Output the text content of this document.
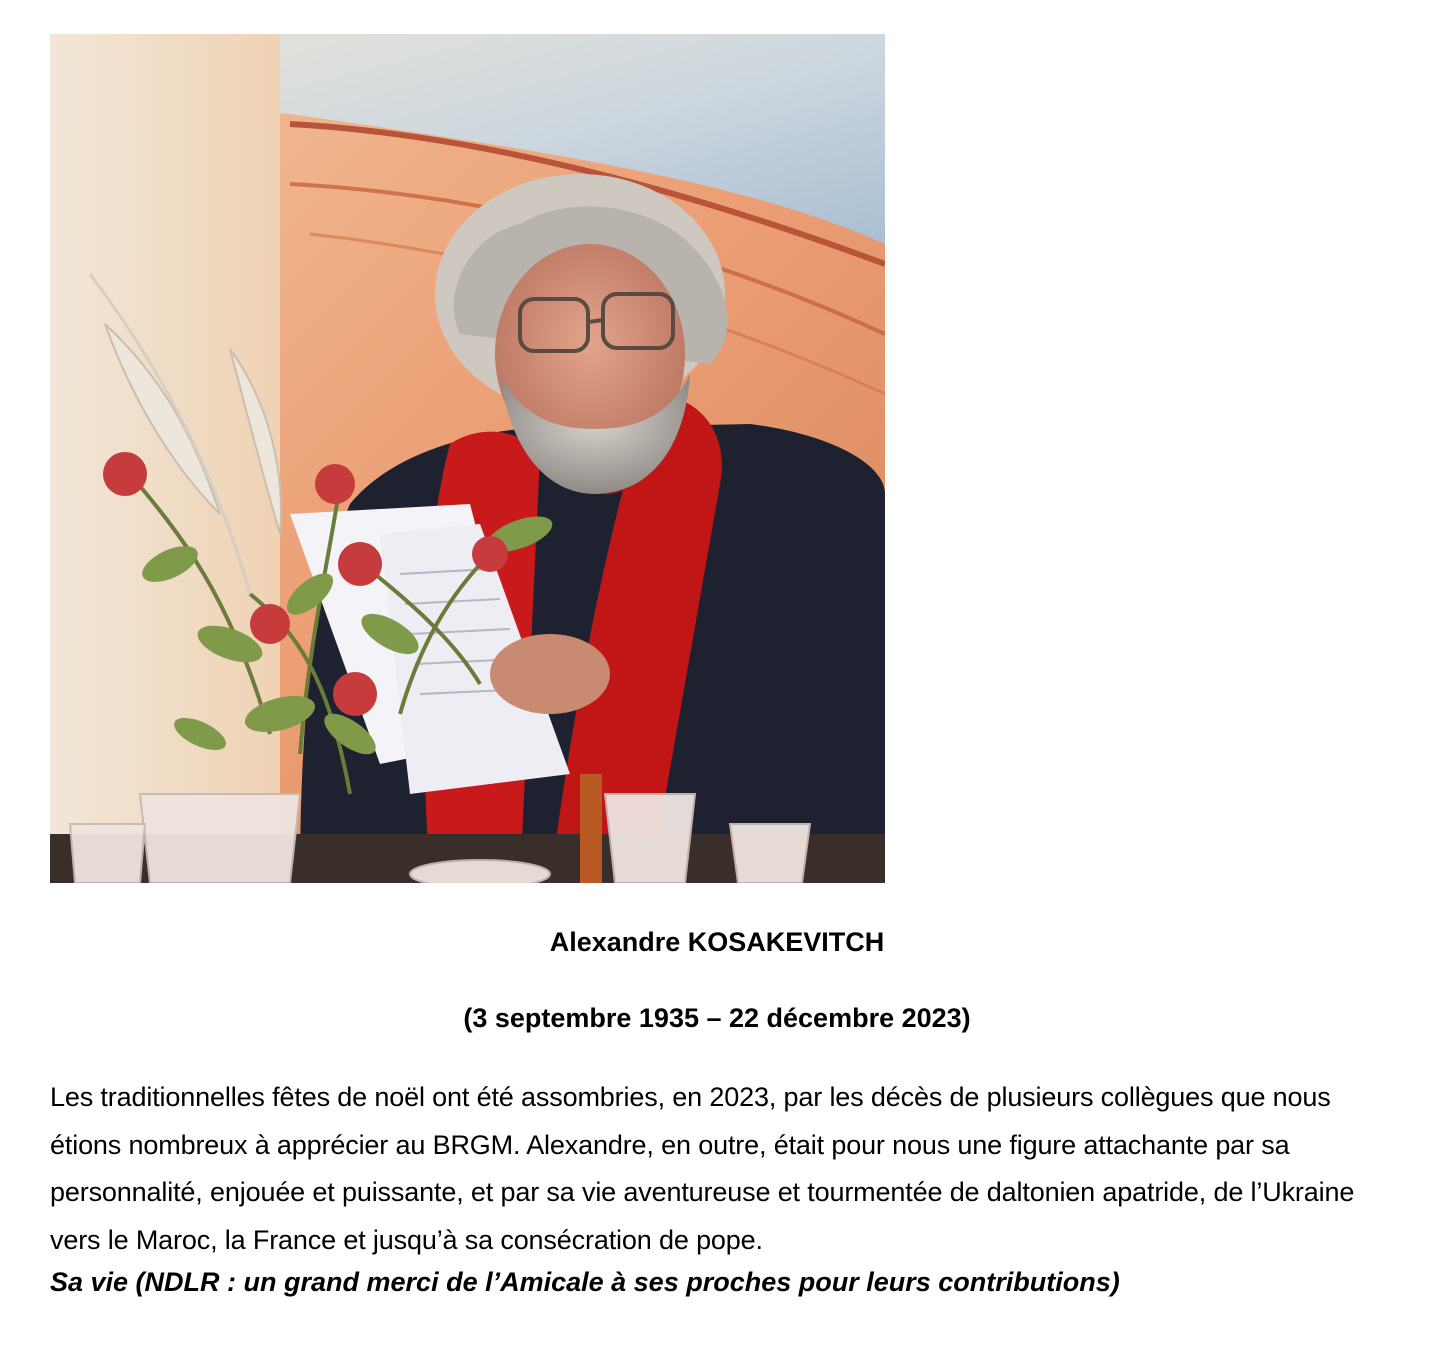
Alexandre KOSAKEVITCH
(3 septembre 1935 – 22 décembre 2023)

Les traditionnelles fêtes de noël ont été assombries, en 2023, par les décès de plusieurs collègues que nous étions nombreux à apprécier au BRGM. Alexandre, en outre, était pour nous une figure attachante par sa personnalité, enjouée et puissante, et par sa vie aventureuse et tourmentée de daltonien apatride, de l’Ukraine vers le Maroc, la France et jusqu’à sa consécration de pope.

Sa vie (NDLR : un grand merci de l’Amicale à ses proches pour leurs contributions)
